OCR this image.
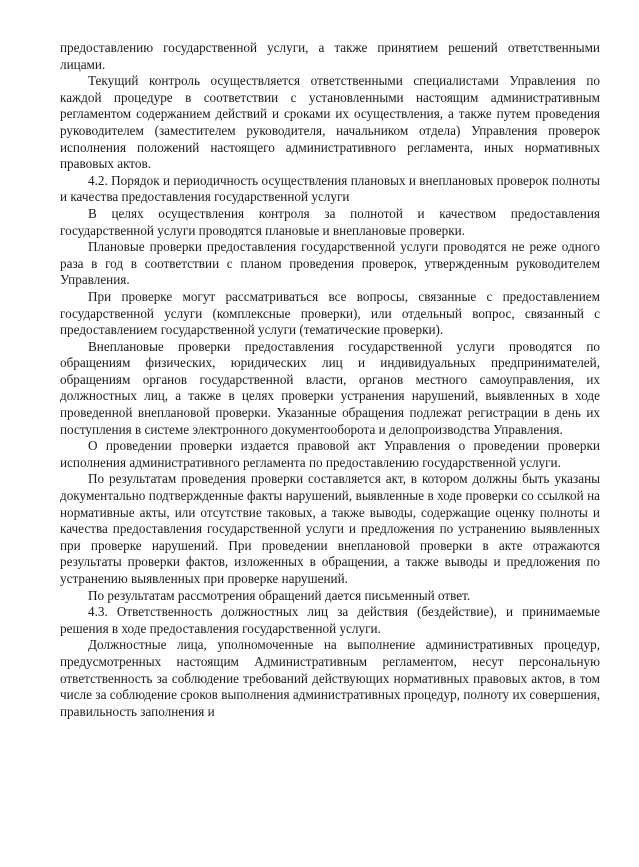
предоставлению государственной услуги, а также принятием решений ответственными лицами.

Текущий контроль осуществляется ответственными специалистами Управления по каждой процедуре в соответствии с установленными настоящим административным регламентом содержанием действий и сроками их осуществления, а также путем проведения руководителем (заместителем руководителя, начальником отдела) Управления проверок исполнения положений настоящего административного регламента, иных нормативных правовых актов.

4.2. Порядок и периодичность осуществления плановых и внеплановых проверок полноты и качества предоставления государственной услуги

В целях осуществления контроля за полнотой и качеством предоставления государственной услуги проводятся плановые и внеплановые проверки.

Плановые проверки предоставления государственной услуги проводятся не реже одного раза в год в соответствии с планом проведения проверок, утвержденным руководителем Управления.

При проверке могут рассматриваться все вопросы, связанные с предоставлением государственной услуги (комплексные проверки), или отдельный вопрос, связанный с предоставлением государственной услуги (тематические проверки).

Внеплановые проверки предоставления государственной услуги проводятся по обращениям физических, юридических лиц и индивидуальных предпринимателей, обращениям органов государственной власти, органов местного самоуправления, их должностных лиц, а также в целях проверки устранения нарушений, выявленных в ходе проведенной внеплановой проверки. Указанные обращения подлежат регистрации в день их поступления в системе электронного документооборота и делопроизводства Управления.

О проведении проверки издается правовой акт Управления о проведении проверки исполнения административного регламента по предоставлению государственной услуги.

По результатам проведения проверки составляется акт, в котором должны быть указаны документально подтвержденные факты нарушений, выявленные в ходе проверки со ссылкой на нормативные акты, или отсутствие таковых, а также выводы, содержащие оценку полноты и качества предоставления государственной услуги и предложения по устранению выявленных при проверке нарушений. При проведении внеплановой проверки в акте отражаются результаты проверки фактов, изложенных в обращении, а также выводы и предложения по устранению выявленных при проверке нарушений.

По результатам рассмотрения обращений дается письменный ответ.

4.3. Ответственность должностных лиц за действия (бездействие), и принимаемые решения в ходе предоставления государственной услуги.

Должностные лица, уполномоченные на выполнение административных процедур, предусмотренных настоящим Административным регламентом, несут персональную ответственность за соблюдение требований действующих нормативных правовых актов, в том числе за соблюдение сроков выполнения административных процедур, полноту их совершения, правильность заполнения и
